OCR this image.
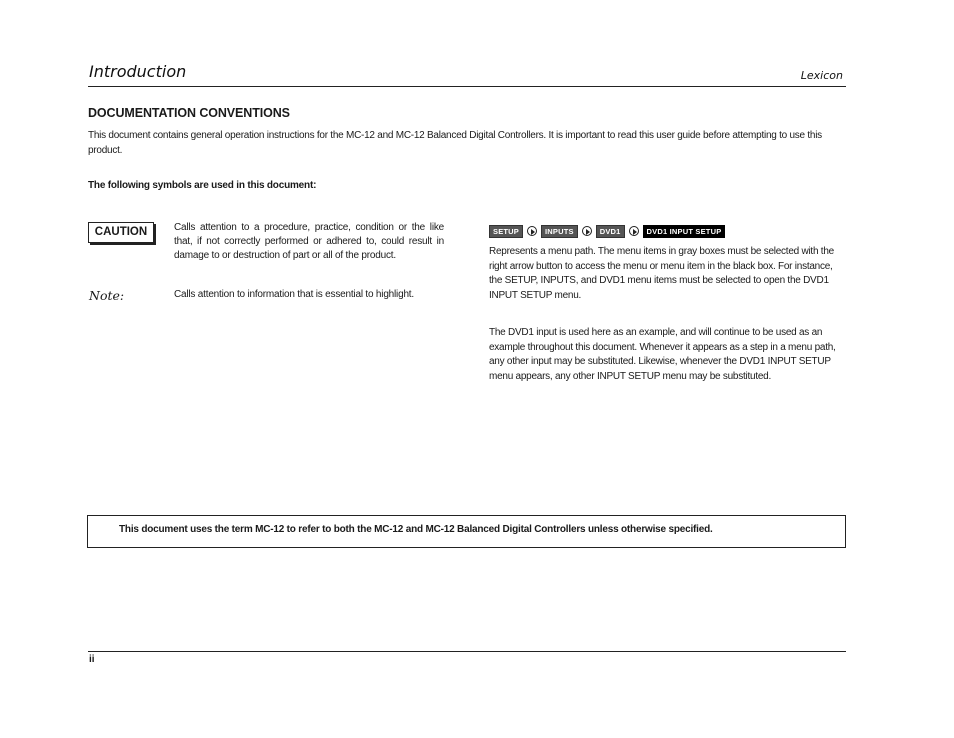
Introduction	Lexicon
DOCUMENTATION CONVENTIONS
This document contains general operation instructions for the MC-12 and MC-12 Balanced Digital Controllers. It is important to read this user guide before attempting to use this product.
The following symbols are used in this document:
CAUTION	Calls attention to a procedure, practice, condition or the like that, if not correctly performed or adhered to, could result in damage to or destruction of part or all of the product.
Note:	Calls attention to information that is essential to highlight.
SETUP	INPUTS	DVD1	DVD1 INPUT SETUP
Represents a menu path. The menu items in gray boxes must be selected with the right arrow button to access the menu or menu item in the black box. For instance, the SETUP, INPUTS, and DVD1 menu items must be selected to open the DVD1 INPUT SETUP menu.
The DVD1 input is used here as an example, and will continue to be used as an example throughout this document. Whenever it appears as a step in a menu path, any other input may be substituted. Likewise, whenever the DVD1 INPUT SETUP menu appears, any other INPUT SETUP menu may be substituted.
This document uses the term MC-12 to refer to both the MC-12 and MC-12 Balanced Digital Controllers unless otherwise specified.
ii
